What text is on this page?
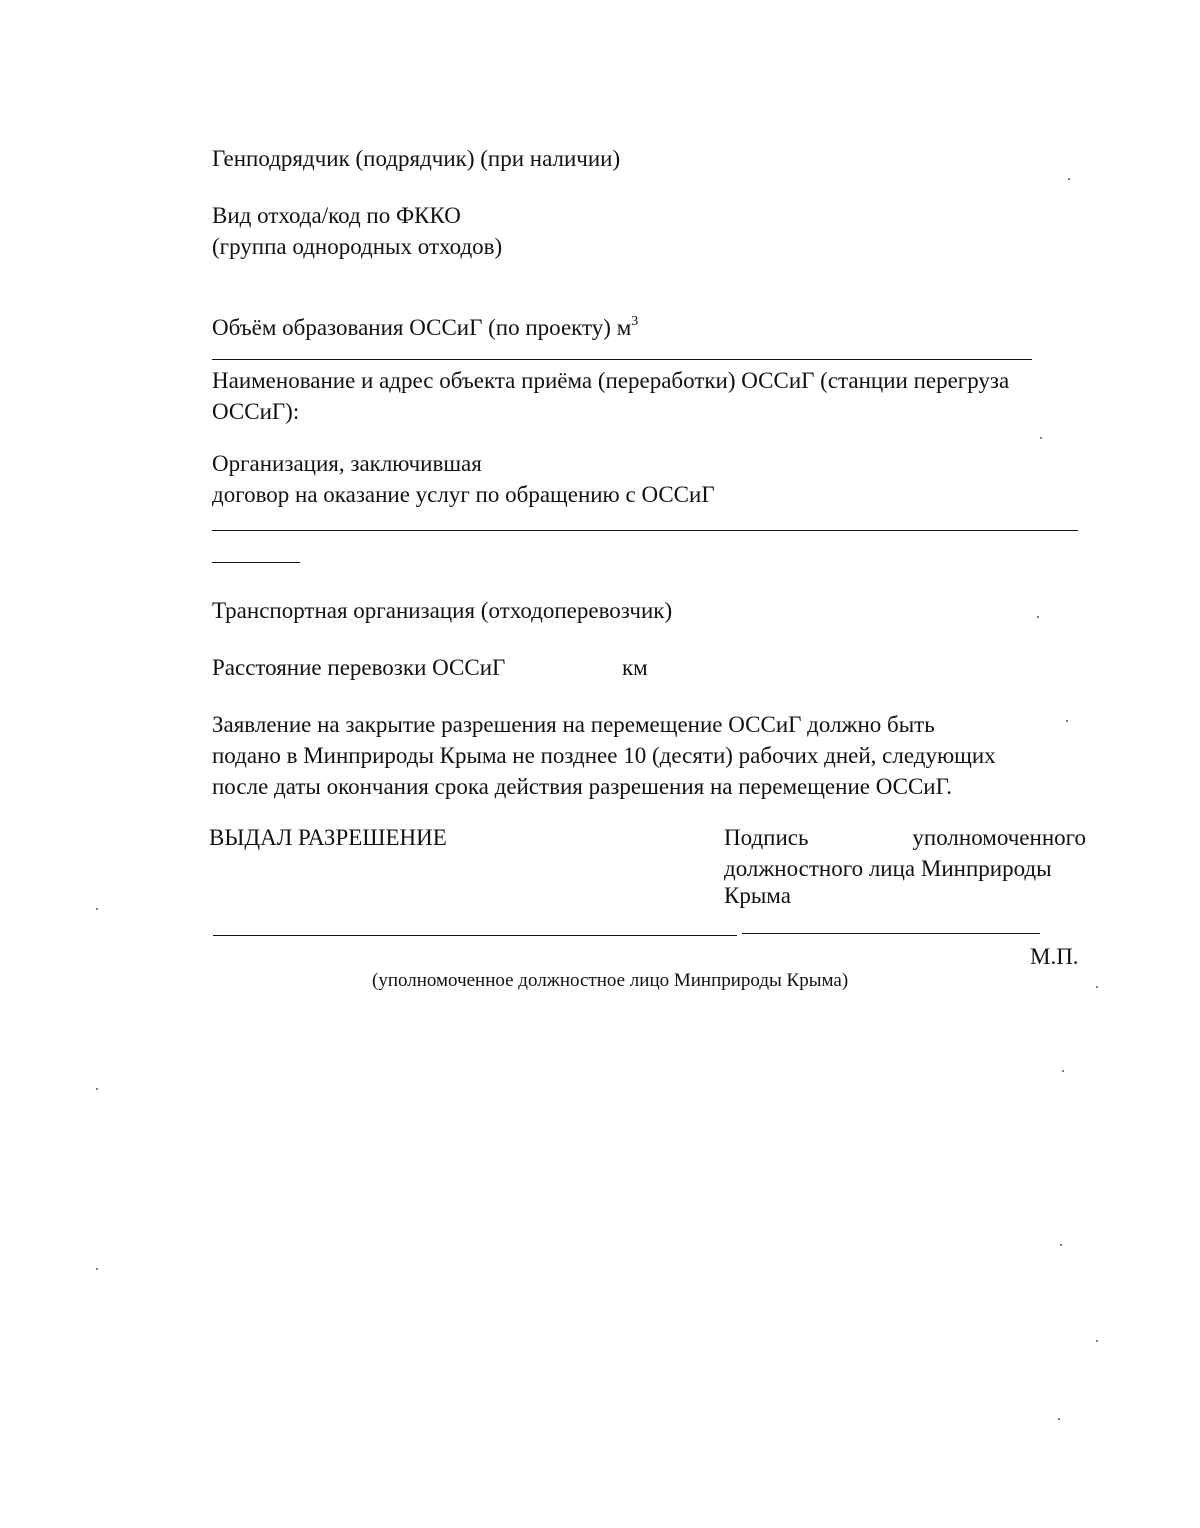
Генподрядчик (подрядчик) (при наличии)
Вид отхода/код по ФККО
(группа однородных отходов)
Объём образования ОССиГ (по проекту) $м^3$
Наименование и адрес объекта приёма (переработки) ОССиГ (станции перегруза
ОССиГ):
Организация, заключившая
договор на оказание услуг по обращению с ОССиГ
Транспортная организация (отходоперевозчик)
Расстояние перевозки ОССиГ	км
Заявление на закрытие разрешения на перемещение ОССиГ должно быть
подано в Минприроды Крыма не позднее 10 (десяти) рабочих дней, следующих
после даты окончания срока действия разрешения на перемещение ОССиГ.
ВЫДАЛ РАЗРЕШЕНИЕ	Подпись	уполномоченного
должностного лица Минприроды
Крыма
М.П.
(уполномоченное должностное лицо Минприроды Крыма)
